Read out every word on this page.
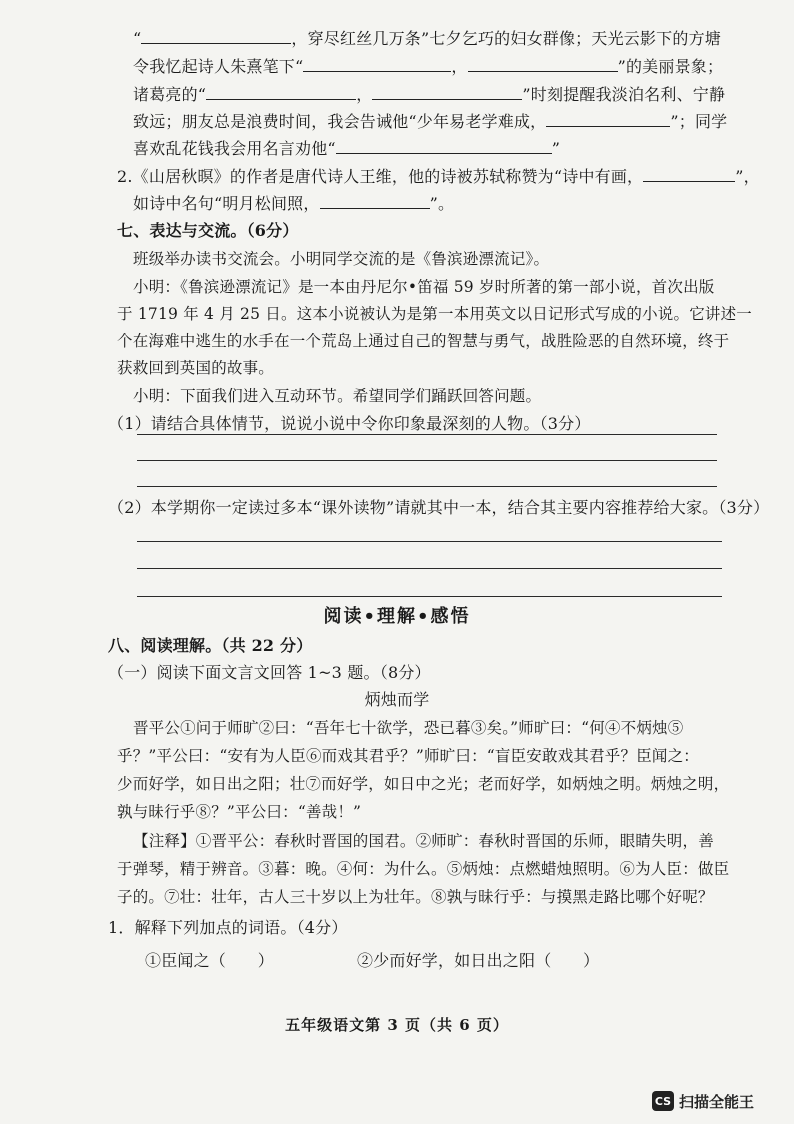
“	，穿尽红丝几万条”七夕乞巧的妇女群像；天光云影下的方塘
令我忆起诗人朱熹笔下“	，	”的美丽景象；
诸葛亮的“	，	”时刻提醒我淡泊名利、宁静
致远；朋友总是浪费时间，我会告诫他“少年易老学难成，	”；同学
喜欢乱花钱我会用名言劝他“	”
2.《山居秋暝》的作者是唐代诗人王维，他的诗被苏轼称赞为“诗中有画，	”，
如诗中名句“明月松间照，	”。
七、表达与交流。（6分）
班级举办读书交流会。小明同学交流的是《鲁滨逊漂流记》。
小明：《鲁滨逊漂流记》是一本由丹尼尔•笛福 59 岁时所著的第一部小说，首次出版
于 1719 年 4 月 25 日。这本小说被认为是第一本用英文以日记形式写成的小说。它讲述一
个在海难中逃生的水手在一个荒岛上通过自己的智慧与勇气，战胜险恶的自然环境，终于
获救回到英国的故事。
小明：下面我们进入互动环节。希望同学们踊跃回答问题。
（1）请结合具体情节，说说小说中令你印象最深刻的人物。（3分）
（2）本学期你一定读过多本“课外读物”请就其中一本，结合其主要内容推荐给大家。（3分）
阅读•理解•感悟
八、阅读理解。（共 22 分）
（一）阅读下面文言文回答 1~3 题。（8分）
炳烛而学
晋平公①问于师旷②曰：“吾年七十欲学，恐已暮③矣。”师旷曰：“何④不炳烛⑤
乎？”平公曰：“安有为人臣⑥而戏其君乎？”师旷曰：“盲臣安敢戏其君乎？臣闻之：
少而好学，如日出之阳；壮⑦而好学，如日中之光；老而好学，如炳烛之明。炳烛之明，
孰与昧行乎⑧？”平公曰：“善哉！”
【注释】①晋平公：春秋时晋国的国君。②师旷：春秋时晋国的乐师，眼睛失明，善
于弹琴，精于辨音。③暮：晚。④何：为什么。⑤炳烛：点燃蜡烛照明。⑥为人臣：做臣
子的。⑦壮：壮年，古人三十岁以上为壮年。⑧孰与昧行乎：与摸黑走路比哪个好呢？
1．解释下列加点的词语。（4分）
①臣闻之（      ）	②少而好学，如日出之阳（      ）
五年级语文第 3 页（共 6 页）
CS 扫描全能王
